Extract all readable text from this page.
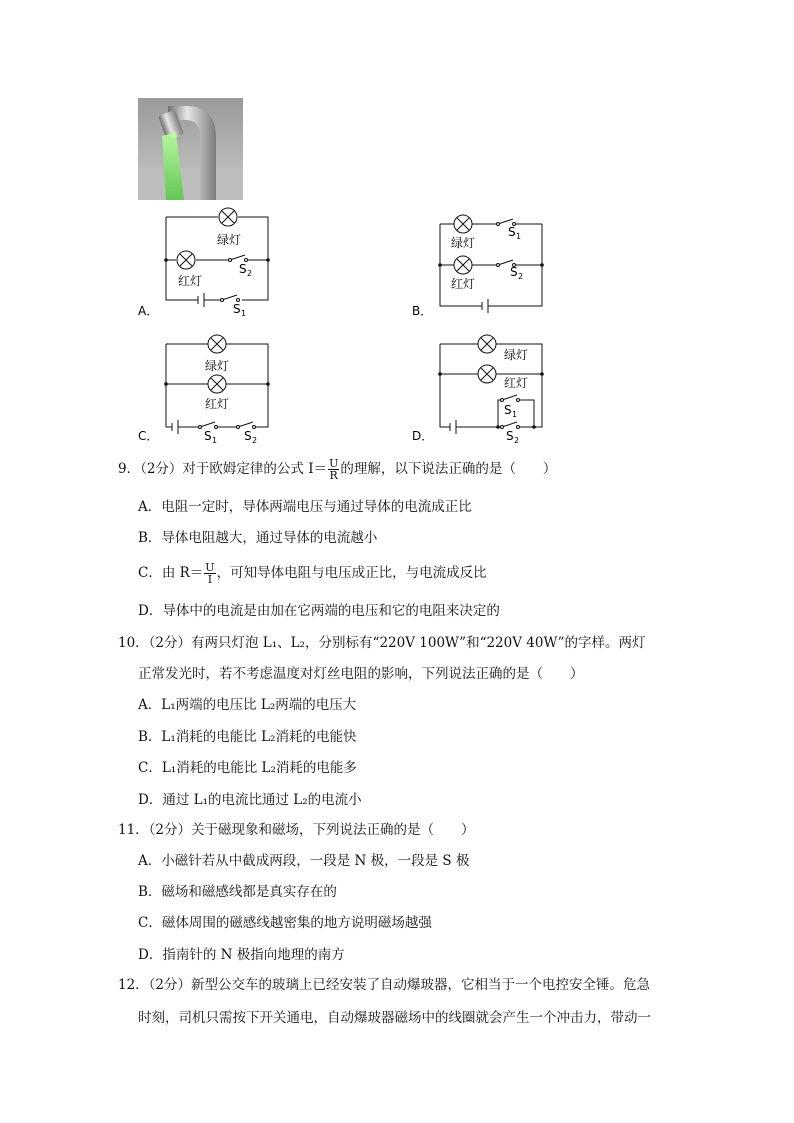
绿灯
红灯
S 2
S 1
A．
绿灯
红灯
S 1
S 2
B．
绿灯
红灯
S 1 S 2
C．
绿灯
红灯
S 1
S 2
D．
9．（2分）对于欧姆定律的公式 $I= \frac{U}{R}$ 的理解，以下说法正确的是（　　）
A．电阻一定时，导体两端电压与通过导体的电流成正比
B．导体电阻越大，通过导体的电流越小
C．由 $R= \frac{U}{I}$ ，可知导体电阻与电压成正比，与电流成反比
D．导体中的电流是由加在它两端的电压和它的电阻来决定的
10．（2分）有两只灯泡 L₁、L₂，分别标有“220V 100W”和“220V 40W”的字样。两灯
正常发光时，若不考虑温度对灯丝电阻的影响，下列说法正确的是（　　）
A．L₁两端的电压比 L₂两端的电压大
B．L₁消耗的电能比 L₂消耗的电能快
C．L₁消耗的电能比 L₂消耗的电能多
D．通过 L₁的电流比通过 L₂的电流小
11．（2分）关于磁现象和磁场，下列说法正确的是（　　）
A．小磁针若从中截成两段，一段是 N 极，一段是 S 极
B．磁场和磁感线都是真实存在的
C．磁体周围的磁感线越密集的地方说明磁场越强
D．指南针的 N 极指向地理的南方
12．（2分）新型公交车的玻璃上已经安装了自动爆玻器，它相当于一个电控安全锤。危急
时刻，司机只需按下开关通电，自动爆玻器磁场中的线圈就会产生一个冲击力，带动一
